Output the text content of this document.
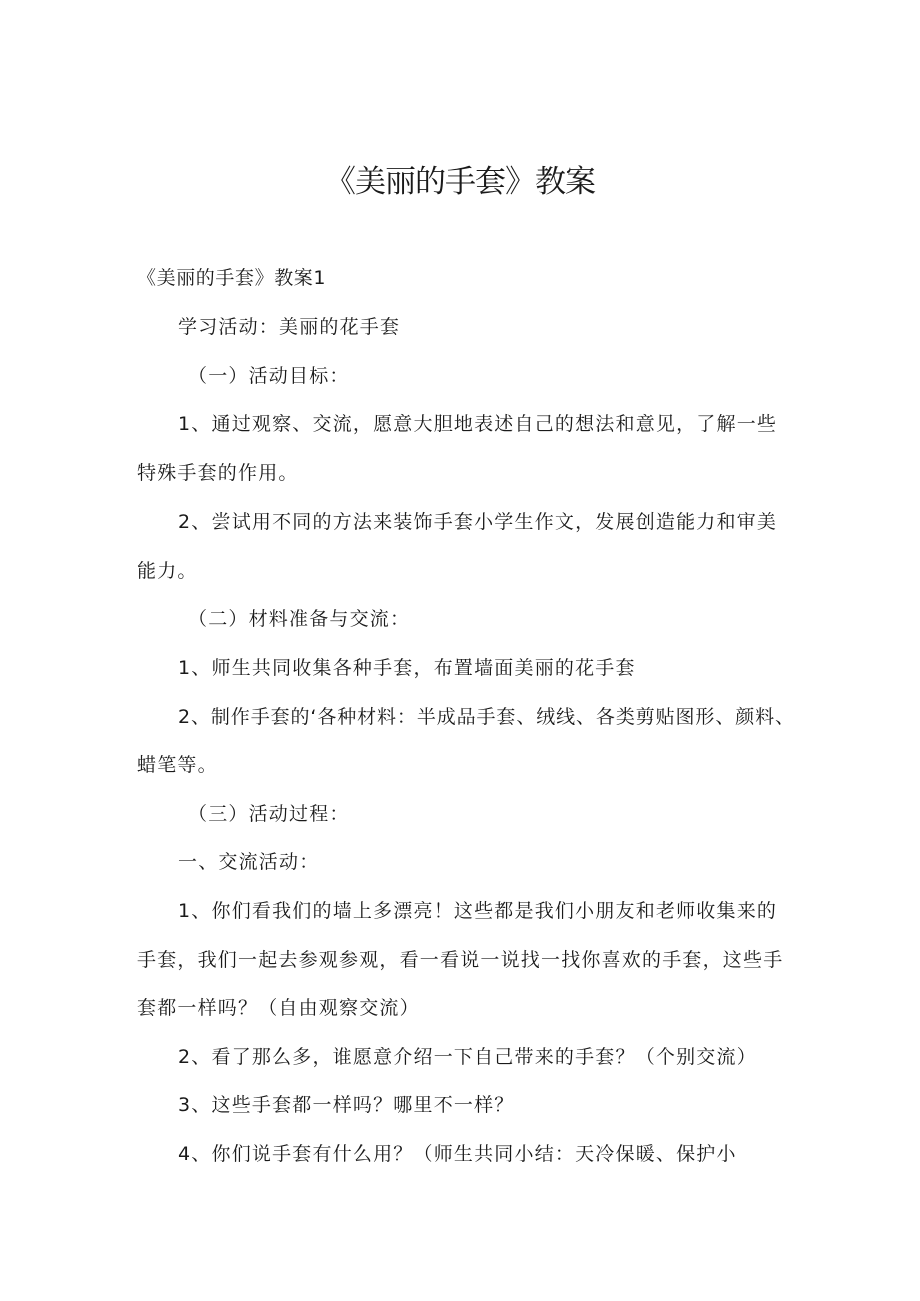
《美丽的手套》教案

《美丽的手套》教案1

学习活动：美丽的花手套

（一）活动目标：

1、通过观察、交流，愿意大胆地表述自己的想法和意见，了解一些

特殊手套的作用。

2、尝试用不同的方法来装饰手套小学生作文，发展创造能力和审美

能力。

（二）材料准备与交流：

1、师生共同收集各种手套，布置墙面美丽的花手套

2、制作手套的‘各种材料：半成品手套、绒线、各类剪贴图形、颜料、

蜡笔等。

（三）活动过程：

一、交流活动：

1、你们看我们的墙上多漂亮！这些都是我们小朋友和老师收集来的

手套，我们一起去参观参观，看一看说一说找一找你喜欢的手套，这些手

套都一样吗？（自由观察交流）

2、看了那么多，谁愿意介绍一下自己带来的手套？（个别交流）

3、这些手套都一样吗？哪里不一样？

4、你们说手套有什么用？（师生共同小结：天冷保暖、保护小
